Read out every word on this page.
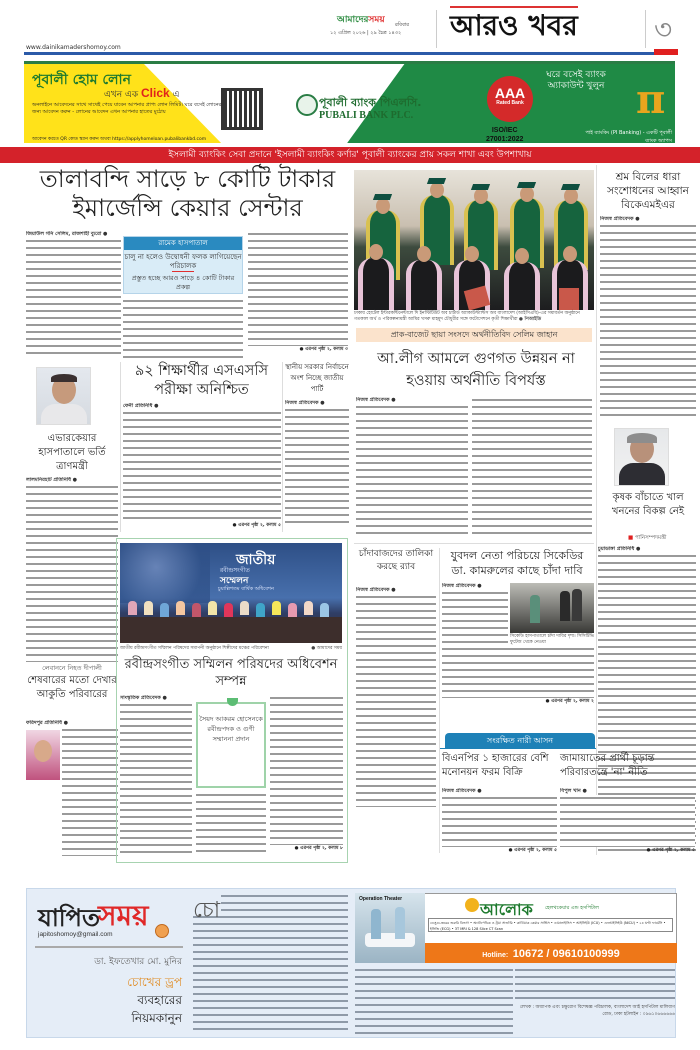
www.dainikamadershomoy.com
আমাদেরসময় রবিবার
১২ এপ্রিল ২০২৬ | ২৯ চৈত্র ১৪৩২ আরও খবর	৩
পূবালী হোম লোন
এখন এক Click এ
অনলাইনে আবেদনের সাথে সাথেই পেয়ে যাবেন আপনার প্রাপ্য লোন লিমিট। ঘরে বসেই লোনের জন্য আবেদন করুন - লোনের আবেদন এখন আপনার হাতের মুঠোয়
আবেদন করতে QR কোড স্ক্যান করুন অথবা https://applyhomeloan.pubalibankbd.com
পূবালী ব্যাংক পিএলসি.
PUBALI BANK PLC.
AAA
Rated Bank
ISO/IEC
27001:2022
ঘরে বসেই ব্যাংক অ্যাকাউন্ট খুলুন π
পাই ব্যাংকিং (PI Banking) - একটি পূবালী ব্যাংক অ্যাপস
ইসলামী ব্যাংকিং সেবা প্রদানে 'ইসলামী ব্যাংকিং কর্ণার' পূবালী ব্যাংকের প্রায় সকল শাখা এবং উপশাখায়
তালাবন্দি সাড়ে ৮ কোটি টাকার ইমার্জেন্সি কেয়ার সেন্টার
জিয়াউল গনি সেলিম, রাজশাহী ব্যুরো ●
রামেক হাসপাতাল
চালু না হলেও উদ্বোধনী ফলক লাগিয়েছেন পরিচালক
প্রস্তুত হচ্ছে আরও সাড়ে ৪ কোটি টাকার প্রকল্প
● এরপর পৃষ্ঠা ২, কলাম ৩
ঢাকায় হোটেল ইন্টারকন্টিনেন্টালে দি ইনস্টিটিউট অব চার্টার্ড অ্যাকাউন্ট্যান্টস অব বাংলাদেশ (আইসিএবি)-এর সমাবর্তন অনুষ্ঠানে গতকাল অর্থ ও পরিকল্পনামন্ত্রী আমির খসরু মাহমুদ চৌধুরীর সঙ্গে ফটোসেশনে কৃতী শিক্ষার্থীরা ● পিআইডি
প্রাক-বাজেট ছায়া সংসদে অর্থনীতিবিদ সেলিম জাহান
শ্রম বিলের ধারা সংশোধনের আহ্বান বিকেএমইএর
নিজস্ব প্রতিবেদক ●
কৃষক বাঁচাতে খাল খননের বিকল্প নেই
■ পানিসম্পদমন্ত্রী
চুয়াডাঙ্গা প্রতিনিধি ●
এভারকেয়ার হাসপাতালে ভর্তি ত্রাণমন্ত্রী
লালমনিরহাট প্রতিনিধি ●
লেবাননে নিহত দীপালী
শেষবারের মতো দেখার আকুতি পরিবারের
ফরিদপুর প্রতিনিধি ●
৯২ শিক্ষার্থীর এসএসসি পরীক্ষা অনিশ্চিত
ফেনী প্রতিনিধি ●
● এরপর পৃষ্ঠা ২, কলাম ৫
স্থানীয় সরকার নির্বাচনে অংশ নিচ্ছে জাতীয় পার্টি
নিজস্ব প্রতিবেদক ●
জাতীয়
রবীন্দ্রসংগীত
সম্মেলন
চুয়াল্লিশতম বার্ষিক অধিবেশন
জাতীয় রবীন্দ্রসংগীত সম্মিলন পরিষদের সমাপনী অনুষ্ঠানে শিল্পীদের মঞ্চের পরিবেশনা	● আমাদের সময়
রবীন্দ্রসংগীত সম্মিলন পরিষদের অধিবেশন সম্পন্ন
সাংস্কৃতিক প্রতিবেদক ●
সৈয়দ আকরম হোসেনকে রবীন্দ্রপদক ও গুণী সম্মাননা প্রদান
● এরপর পৃষ্ঠা ২, কলাম ৮
আ.লীগ আমলে গুণগত উন্নয়ন না হওয়ায় অর্থনীতি বিপর্যস্ত
নিজস্ব প্রতিবেদক ●
চাঁদাবাজদের তালিকা করছে র‍্যাব
নিজস্ব প্রতিবেদক ●
যুবদল নেতা পরিচয়ে সিকেডির ডা. কামরুলের কাছে চাঁদা দাবি
নিজস্ব প্রতিবেদক ●
সিকেডি হাসপাতালে চাঁদা দাবির দৃশ্য। সিসিটিভি ফুটেজ থেকে নেওয়া
● এরপর পৃষ্ঠা ২, কলাম ২
সংরক্ষিত নারী আসন
বিএনপির ১ হাজারের বেশি মনোনয়ন ফরম বিক্রি
জামায়াতের প্রার্থী চূড়ান্ত পরিবারতন্ত্রে 'না' নীতি
নিজস্ব প্রতিবেদক ●
● এরপর পৃষ্ঠা ২, কলাম ৫
বিপুল খান ●
● এরপর পৃষ্ঠা ২, কলাম ৫
যাপিত
সময়
japitoshomoy@gmail.com
ডা. ইফতেখার মো. মুনির
চোখের ড্রপ
ব্যবহারের
নিয়মকানুন
চো	Operation Theater
আলোক হেলথকেয়ার এন্ড হসপিটাল
ডেঙ্গু-জ্বরের জরুরি বিভাগ • অর্থোপেডিক ও ট্রমা সার্জারি • কার্ডিয়াক কেয়ার সার্ভিস • ডায়ালাইসিস • আইসিইউ (ICU) • এনআইসিইউ (NICU) • ২৪ ঘণ্টা ফার্মেসি • ইসিজি (ECG) • 3T MRI & 128 Slice CT Scan
Hotline: 10672 / 09610100999
লেখক : অধ্যাপক এবং চক্ষুরোগ বিশেষজ্ঞ পরিচালক, বাংলাদেশ আই হসপিটাল মালিবাগ রোড, ঢাকা হটলাইন : ০৯৬১০৬৬৬৬৬৬
